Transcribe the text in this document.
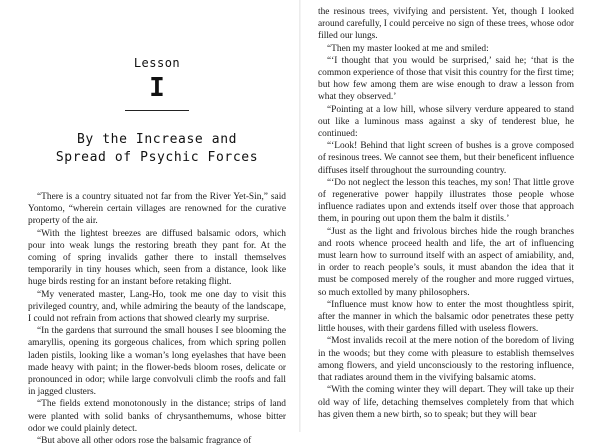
Lesson
I
By the Increase and
Spread of Psychic Forces

“There is a country situated not far from the River Yet-Sin,” said Yontomo, “wherein certain villages are renowned for the curative property of the air.

“With the lightest breezes are diffused balsamic odors, which pour into weak lungs the restoring breath they pant for. At the coming of spring invalids gather there to install themselves temporarily in tiny houses which, seen from a distance, look like huge birds resting for an instant before retaking flight.

“My venerated master, Lang-Ho, took me one day to visit this privileged country, and, while admiring the beauty of the landscape, I could not refrain from actions that showed clearly my surprise.

“In the gardens that surround the small houses I see blooming the amaryllis, opening its gorgeous chalices, from which spring pollen laden pistils, looking like a woman’s long eyelashes that have been made heavy with paint; in the flower-beds bloom roses, delicate or pronounced in odor; while large convolvuli climb the roofs and fall in jagged clusters.

“The fields extend monotonously in the distance; strips of land were planted with solid banks of chrysanthemums, whose bitter odor we could plainly detect.

“But above all other odors rose the balsamic fragrance of

the resinous trees, vivifying and persistent. Yet, though I looked around carefully, I could perceive no sign of these trees, whose odor filled our lungs.

“Then my master looked at me and smiled:

“‘I thought that you would be surprised,’ said he; ‘that is the common experience of those that visit this country for the first time; but how few among them are wise enough to draw a lesson from what they observed.’

“Pointing at a low hill, whose silvery verdure appeared to stand out like a luminous mass against a sky of tenderest blue, he continued:

“‘Look! Behind that light screen of bushes is a grove composed of resinous trees. We cannot see them, but their beneficent influence diffuses itself throughout the surrounding country.

“‘Do not neglect the lesson this teaches, my son! That little grove of regenerative power happily illustrates those people whose influence radiates upon and extends itself over those that approach them, in pouring out upon them the balm it distils.’

“Just as the light and frivolous birches hide the rough branches and roots whence proceed health and life, the art of influencing must learn how to surround itself with an aspect of amiability, and, in order to reach people’s souls, it must abandon the idea that it must be composed merely of the rougher and more rugged virtues, so much extolled by many philosophers.

“Influence must know how to enter the most thoughtless spirit, after the manner in which the balsamic odor penetrates these petty little houses, with their gardens filled with useless flowers.

“Most invalids recoil at the mere notion of the boredom of living in the woods; but they come with pleasure to establish themselves among flowers, and yield unconsciously to the restoring influence, that radiates around them in the vivifying balsamic atoms.

“With the coming winter they will depart. They will take up their old way of life, detaching themselves completely from that which has given them a new birth, so to speak; but they will bear
